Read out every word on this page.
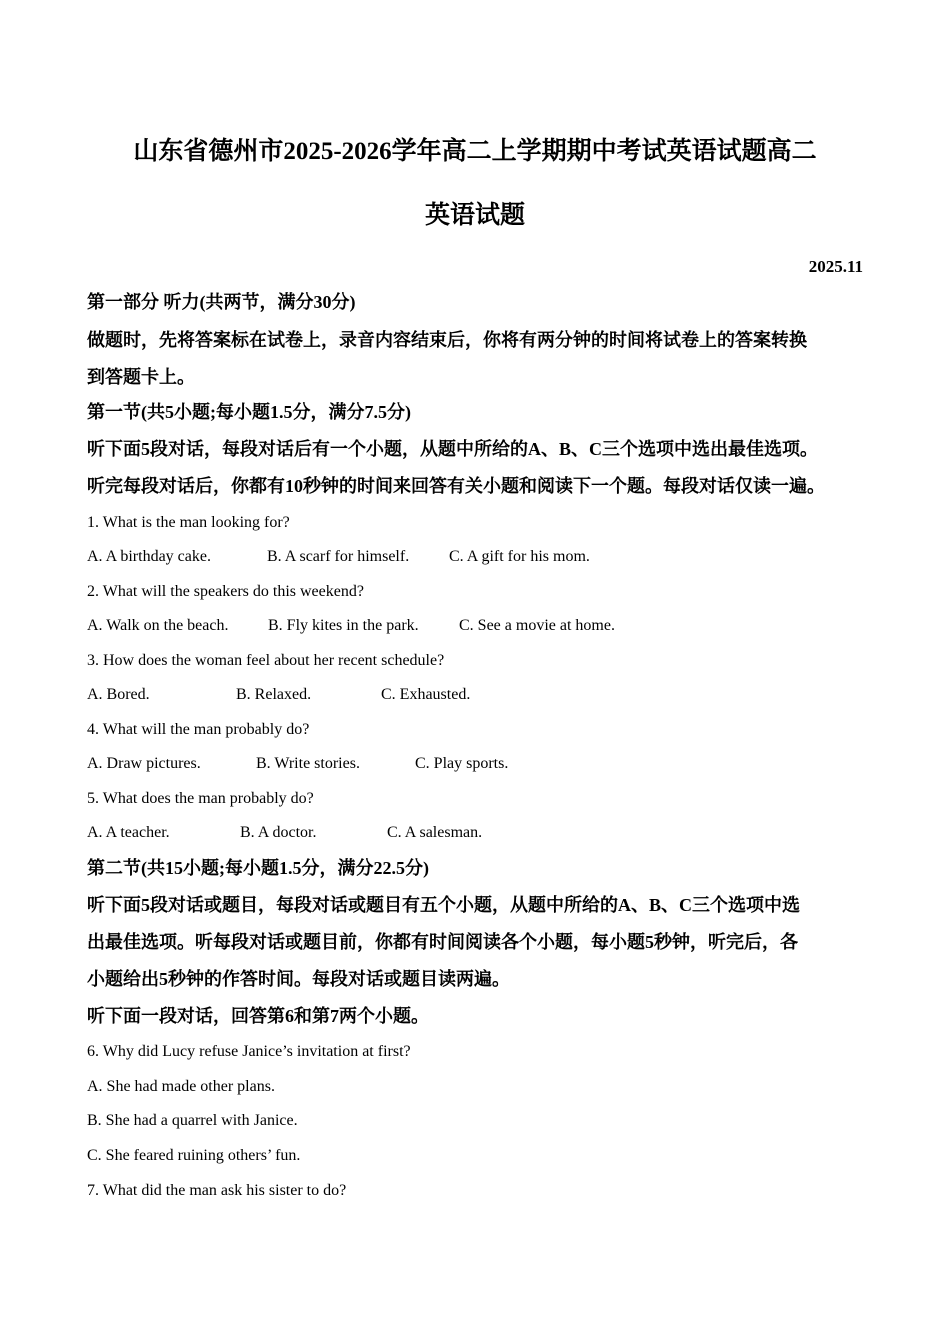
山东省德州市2025-2026学年高二上学期期中考试英语试题高二
英语试题
2025.11
第一部分 听力(共两节，满分30分)
做题时，先将答案标在试卷上，录音内容结束后，你将有两分钟的时间将试卷上的答案转换
到答题卡上。
第一节(共5小题;每小题1.5分，满分7.5分)
听下面5段对话，每段对话后有一个小题，从题中所给的A、B、C三个选项中选出最佳选项。
听完每段对话后，你都有10秒钟的时间来回答有关小题和阅读下一个题。每段对话仅读一遍。
1. What is the man looking for?
A. A birthday cake.	B. A scarf for himself. C. A gift for his mom.
2. What will the speakers do this weekend?
A. Walk on the beach. B. Fly kites in the park.	C. See a movie at home.
3. How does the woman feel about her recent schedule?
A. Bored.	B. Relaxed.	C. Exhausted.
4. What will the man probably do?
A. Draw pictures.	B. Write stories.	C. Play sports.
5. What does the man probably do?
A. A teacher.	B. A doctor.	C. A salesman.
第二节(共15小题;每小题1.5分，满分22.5分)
听下面5段对话或题目，每段对话或题目有五个小题，从题中所给的A、B、C三个选项中选
出最佳选项。听每段对话或题目前，你都有时间阅读各个小题，每小题5秒钟，听完后，各
小题给出5秒钟的作答时间。每段对话或题目读两遍。
听下面一段对话，回答第6和第7两个小题。
6. Why did Lucy refuse Janice’s invitation at first?
A. She had made other plans.
B. She had a quarrel with Janice.
C. She feared ruining others’ fun.
7. What did the man ask his sister to do?
